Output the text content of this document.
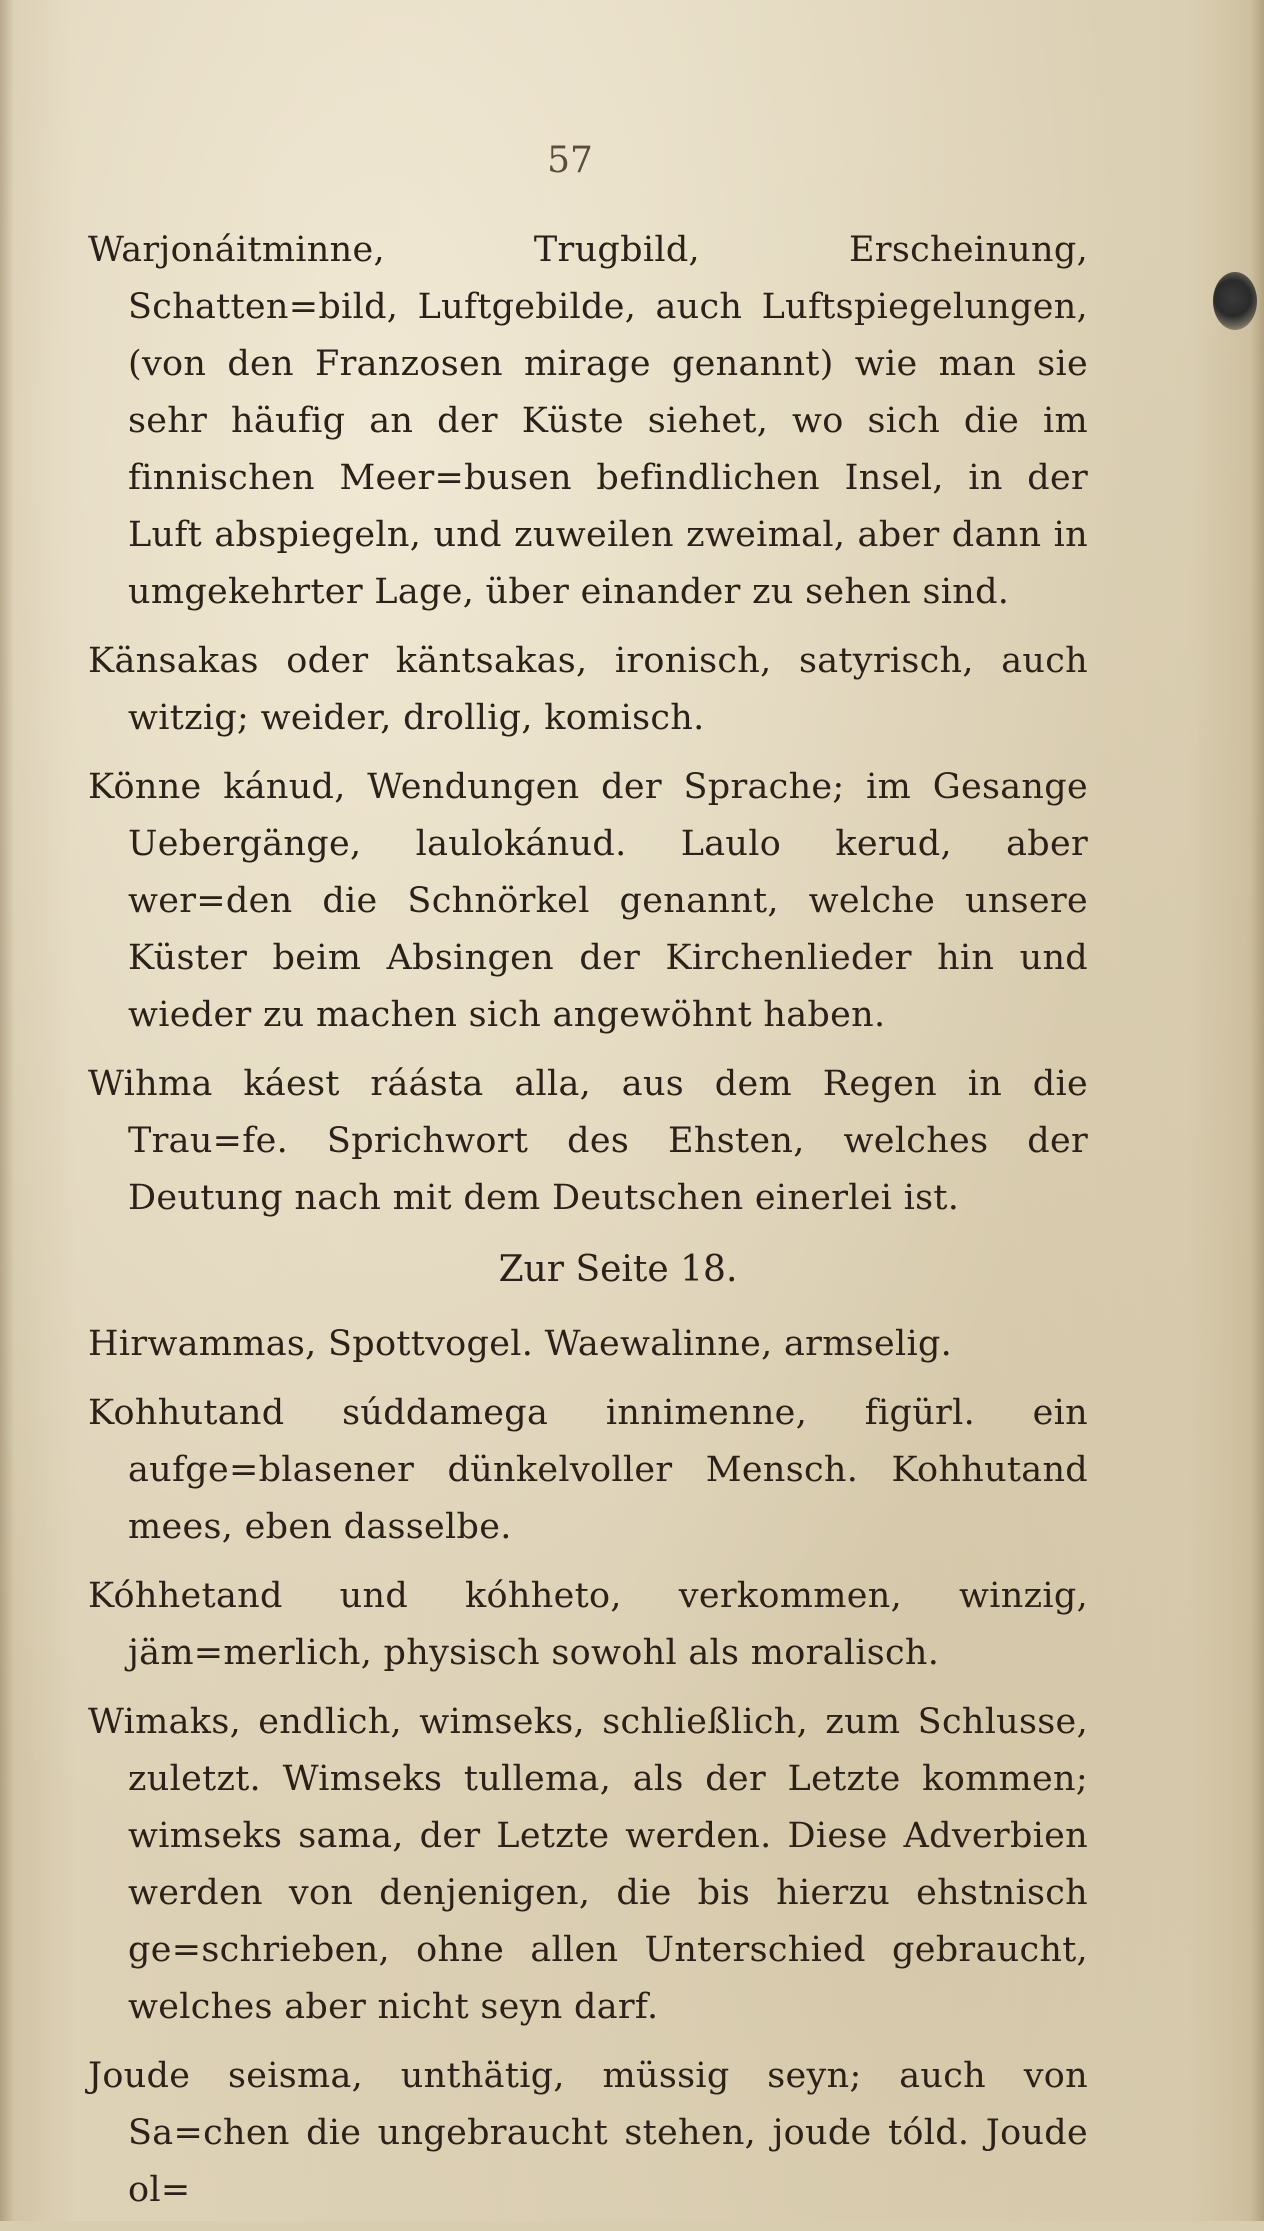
57

Warjonáitminne, Trugbild, Erscheinung, Schatten=bild, Luftgebilde, auch Luftspiegelungen, (von den Franzosen mirage genannt) wie man sie sehr häufig an der Küste siehet, wo sich die im finnischen Meer=busen befindlichen Insel, in der Luft abspiegeln, und zuweilen zweimal, aber dann in umgekehrter Lage, über einander zu sehen sind.

Känsakas oder käntsakas, ironisch, satyrisch, auch witzig; weider, drollig, komisch.

Könne kánud, Wendungen der Sprache; im Gesange Uebergänge, laulokánud. Laulo kerud, aber wer=den die Schnörkel genannt, welche unsere Küster beim Absingen der Kirchenlieder hin und wieder zu machen sich angewöhnt haben.

Wihma káest ráásta alla, aus dem Regen in die Trau=fe. Sprichwort des Ehsten, welches der Deutung nach mit dem Deutschen einerlei ist.

Zur Seite 18.

Hirwammas, Spottvogel. Waewalinne, armselig.

Kohhutand súddamega innimenne, figürl. ein aufge=blasener dünkelvoller Mensch. Kohhutand mees, eben dasselbe.

Kóhhetand und kóhheto, verkommen, winzig, jäm=merlich, physisch sowohl als moralisch.

Wimaks, endlich, wimseks, schließlich, zum Schlusse, zuletzt. Wimseks tullema, als der Letzte kommen; wimseks sama, der Letzte werden. Diese Adverbien werden von denjenigen, die bis hierzu ehstnisch ge=schrieben, ohne allen Unterschied gebraucht, welches aber nicht seyn darf.

Joude seisma, unthätig, müssig seyn; auch von Sa=chen die ungebraucht stehen, joude tóld. Joude ol=
